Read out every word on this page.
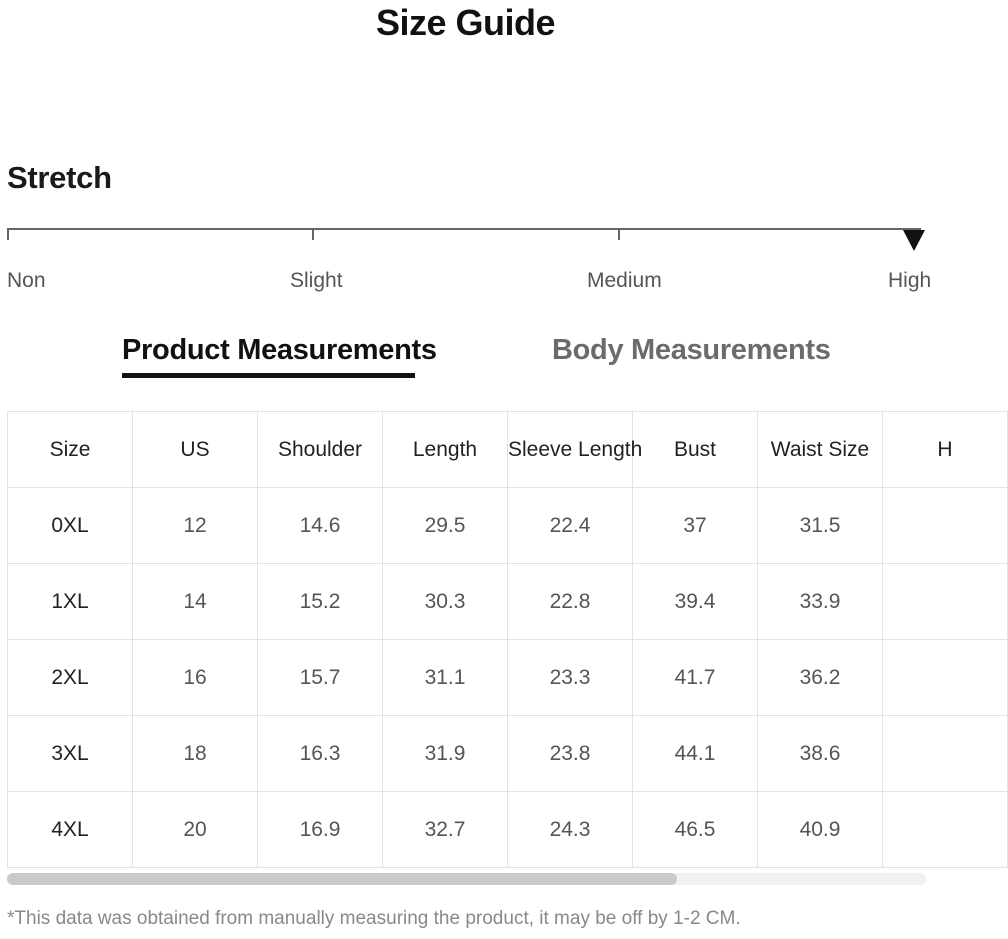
Size Guide
Stretch
Non	Slight	Medium	High
Product Measurements	Body Measurements
Size	US	Shoulder	Length	Sleeve Length	Bust	Waist Size	H
0XL	12	14.6	29.5	22.4	37	31.5	
1XL	14	15.2	30.3	22.8	39.4	33.9	
2XL	16	15.7	31.1	23.3	41.7	36.2	
3XL	18	16.3	31.9	23.8	44.1	38.6	
4XL	20	16.9	32.7	24.3	46.5	40.9	
*This data was obtained from manually measuring the product, it may be off by 1-2 CM.
